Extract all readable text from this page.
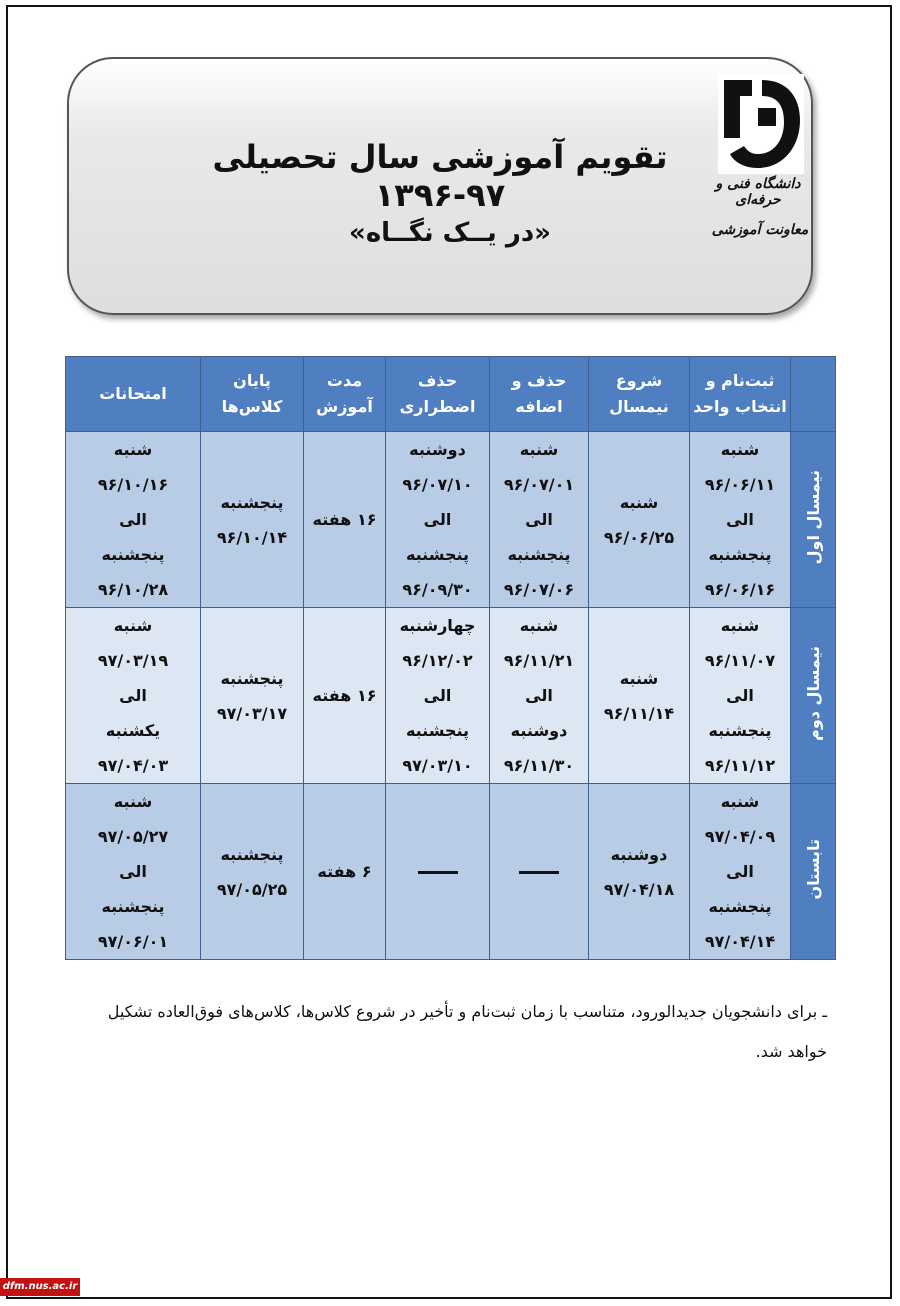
دانشگاه فنی و حرفه‌ای
معاونت آموزشی
تقویم آموزشی سال تحصیلی ۹۷-۱۳۹۶
«در یــک نگــاه»
	ثبت‌نام و انتخاب واحد	شروع نیمسال	حذف و اضافه	حذف اضطراری	مدت آموزش	پایان کلاس‌ها	امتحانات
نیمسال اول	شنبه
۹۶/۰۶/۱۱
الی
پنجشنبه
۹۶/۰۶/۱۶	شنبه
۹۶/۰۶/۲۵	شنبه
۹۶/۰۷/۰۱
الی
پنجشنبه
۹۶/۰۷/۰۶	دوشنبه
۹۶/۰۷/۱۰
الی
پنجشنبه
۹۶/۰۹/۳۰	۱۶ هفته	پنجشنبه
۹۶/۱۰/۱۴	شنبه
۹۶/۱۰/۱۶
الی
پنجشنبه
۹۶/۱۰/۲۸

نیمسال دوم	شنبه
۹۶/۱۱/۰۷
الی
پنجشنبه
۹۶/۱۱/۱۲	شنبه
۹۶/۱۱/۱۴	شنبه
۹۶/۱۱/۲۱
الی
دوشنبه
۹۶/۱۱/۳۰	چهارشنبه
۹۶/۱۲/۰۲
الی
پنجشنبه
۹۷/۰۳/۱۰	۱۶ هفته	پنجشنبه
۹۷/۰۳/۱۷	شنبه
۹۷/۰۳/۱۹
الی
یکشنبه
۹۷/۰۴/۰۳

تابستان	شنبه
۹۷/۰۴/۰۹
الی
پنجشنبه
۹۷/۰۴/۱۴	دوشنبه
۹۷/۰۴/۱۸			۶ هفته	پنجشنبه
۹۷/۰۵/۲۵	شنبه
۹۷/۰۵/۲۷
الی
پنجشنبه
۹۷/۰۶/۰۱
ـ برای دانشجویان جدیدالورود، متناسب با زمان ثبت‌نام و تأخیر در شروع کلاس‌ها، کلاس‌های فوق‌العاده تشکیل خواهد شد.
dfm.nus.ac.ir
